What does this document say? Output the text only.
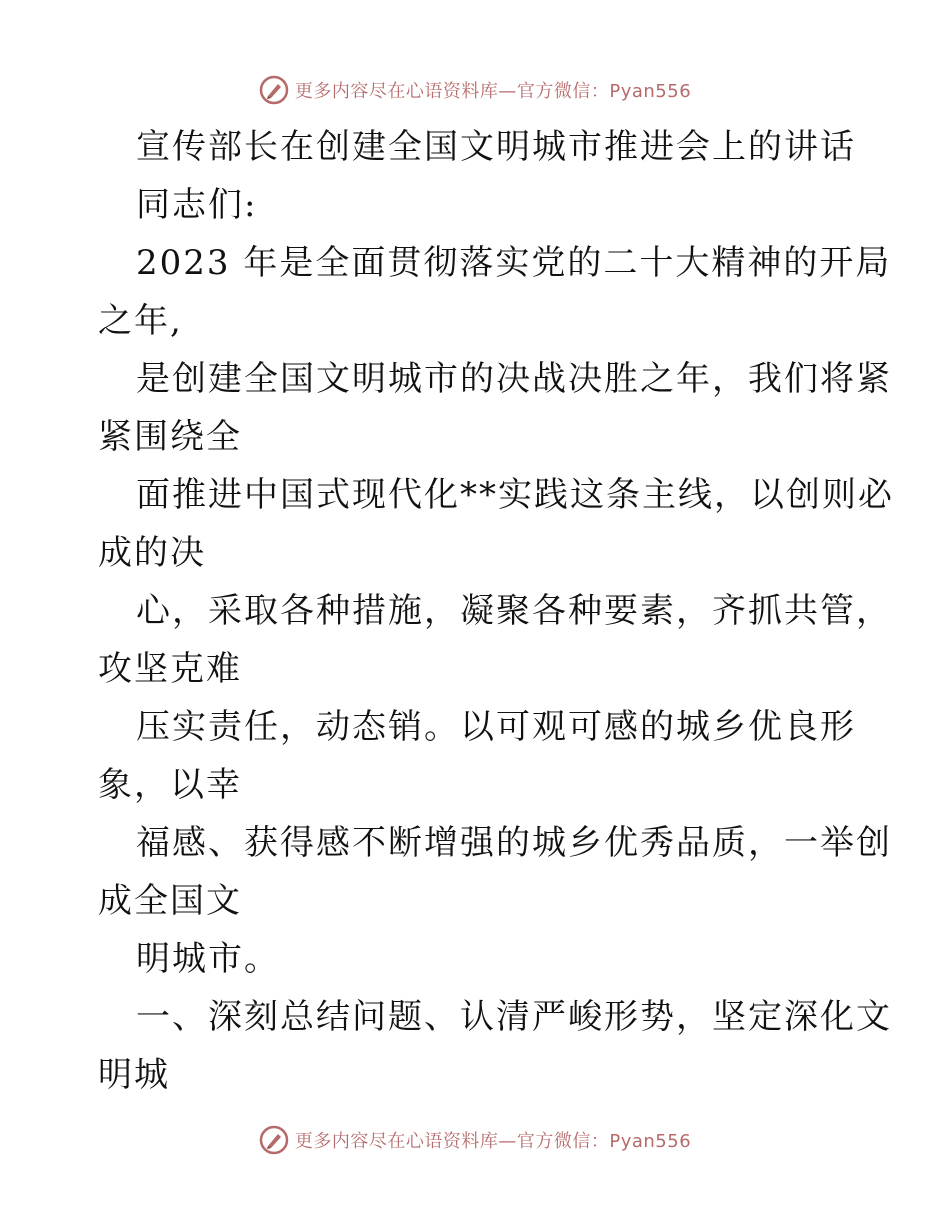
更多内容尽在心语资料库—官方微信：Pyan556
宣传部长在创建全国文明城市推进会上的讲话
同志们:
2023 年是全面贯彻落实党的二十大精神的开局
之年,
是创建全国文明城市的决战决胜之年，我们将紧
紧围绕全
面推进中国式现代化**实践这条主线，以创则必
成的决
心，采取各种措施，凝聚各种要素，齐抓共管，
攻坚克难
压实责任，动态销。以可观可感的城乡优良形
象，以幸
福感、获得感不断增强的城乡优秀品质，一举创
成全国文
明城市。
一、深刻总结问题、认清严峻形势，坚定深化文
明城
更多内容尽在心语资料库—官方微信：Pyan556
